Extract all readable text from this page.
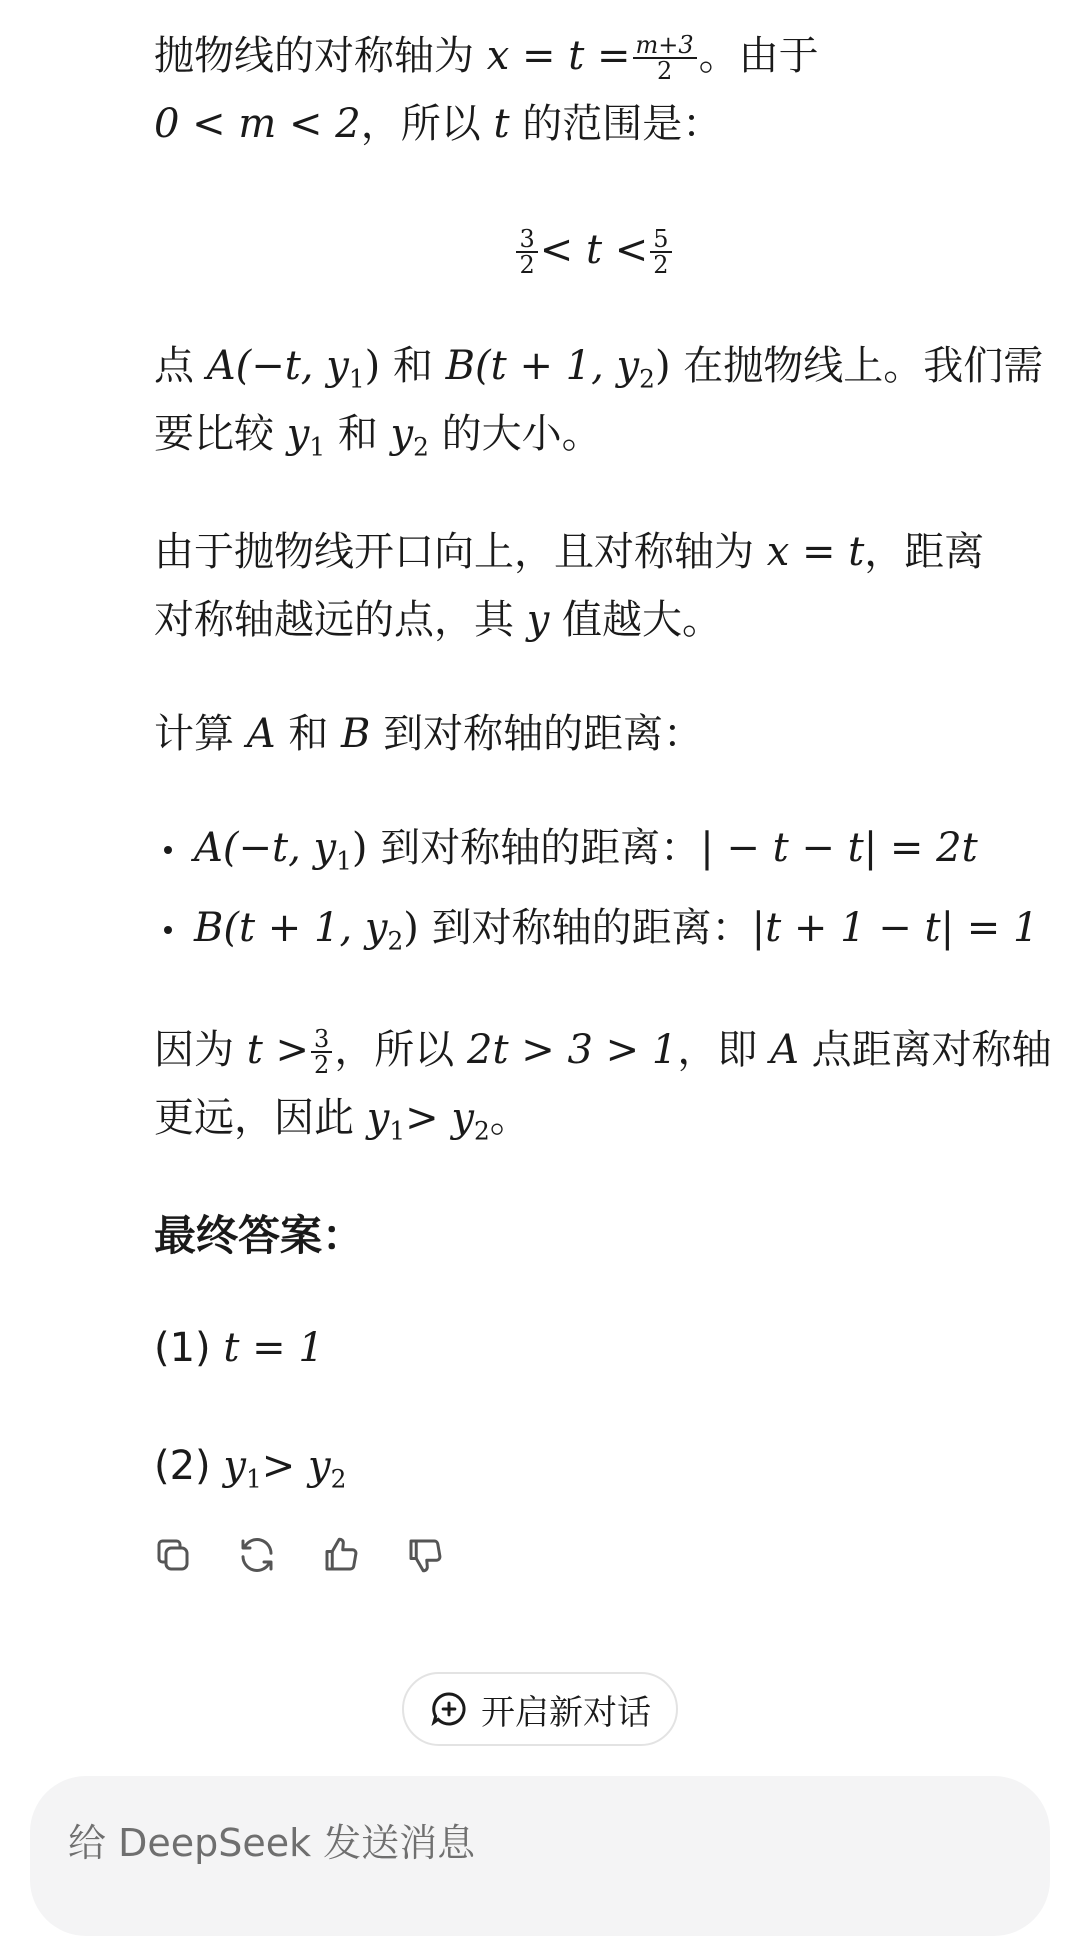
抛物线的对称轴为 $x = t = \frac{m+3}{2}$ 。由于
0 < m < 2，所以 t 的范围是：
$\frac{3}{2} < t < \frac{5}{2}$
点 A(−t, $y_1$) 和 B(t + 1, $y_2$) 在抛物线上。我们需
要比较 $y_1$ 和 $y_2$ 的大小。
由于抛物线开口向上，且对称轴为 x = t，距离
对称轴越远的点，其 y 值越大。
计算 A 和 B 到对称轴的距离：
A(−t, $y_1$) 到对称轴的距离：| − t − t| = 2t
B(t + 1, $y_2$) 到对称轴的距离：|t + 1 − t| = 1
因为 $t > \frac{3}{2}$ ，所以 2t > 3 > 1，即 A 点距离对称轴
更远，因此 $y_1> y_2$。
最终答案：
(1) t = 1
(2) $y_1> y_2$
开启新对话
给 DeepSeek 发送消息
